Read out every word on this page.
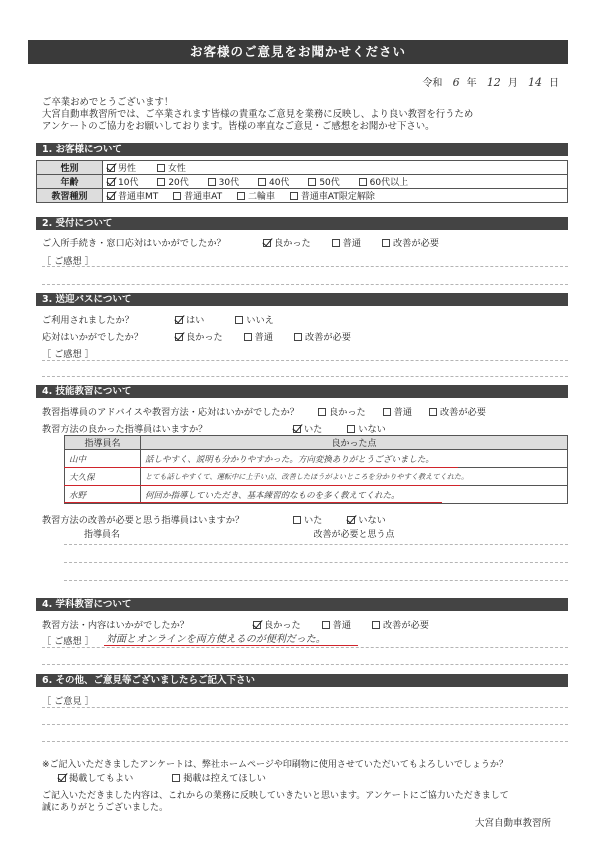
お客様のご意見をお聞かせください
令和 6 年 12 月 14 日
ご卒業おめでとうございます！
大宮自動車教習所では、ご卒業されます皆様の貴重なご意見を業務に反映し、より良い教習を行うため
アンケートのご協力をお願いしております。皆様の率直なご意見・ご感想をお聞かせ下さい。
1. お客様について
性別	男性 女性
年齢	10代 20代 30代 40代 50代 60代以上
教習種別	普通車MT 普通車AT 二輪車 普通車AT限定解除
2. 受付について
ご入所手続き・窓口応対はいかがでしたか？	良かった	普通	改善が必要
［ ご感想 ］
3. 送迎バスについて
ご利用されましたか？	はい	いいえ
応対はいかがでしたか？	良かった	普通	改善が必要
［ ご感想 ］
4. 技能教習について
教習指導員のアドバイスや教習方法・応対はいかがでしたか？	良かった	普通	改善が必要
教習方法の良かった指導員はいますか？	いた	いない
指導員名	良かった点
山中	話しやすく、説明も分かりやすかった。方向変換ありがとうございました。
大久保	とても話しやすくて、運転中に上手い点、改善したほうがよいところを分かりやすく教えてくれた。
水野	何回か指導していただき、基本練習的なものを多く教えてくれた。
教習方法の改善が必要と思う指導員はいますか？	いた	いない
指導員名	改善が必要と思う点
4. 学科教習について
教習方法・内容はいかがでしたか？	良かった	普通	改善が必要
［ ご感想 ］ 対面とオンラインを両方使えるのが便利だった。
6. その他、ご意見等ございましたらご記入下さい
［ ご意見 ］
※ご記入いただきましたアンケートは、弊社ホームページや印刷物に使用させていただいてもよろしいでしょうか？
掲載してもよい	掲載は控えてほしい
ご記入いただきました内容は、これからの業務に反映していきたいと思います。アンケートにご協力いただきまして
誠にありがとうございました。
大宮自動車教習所
